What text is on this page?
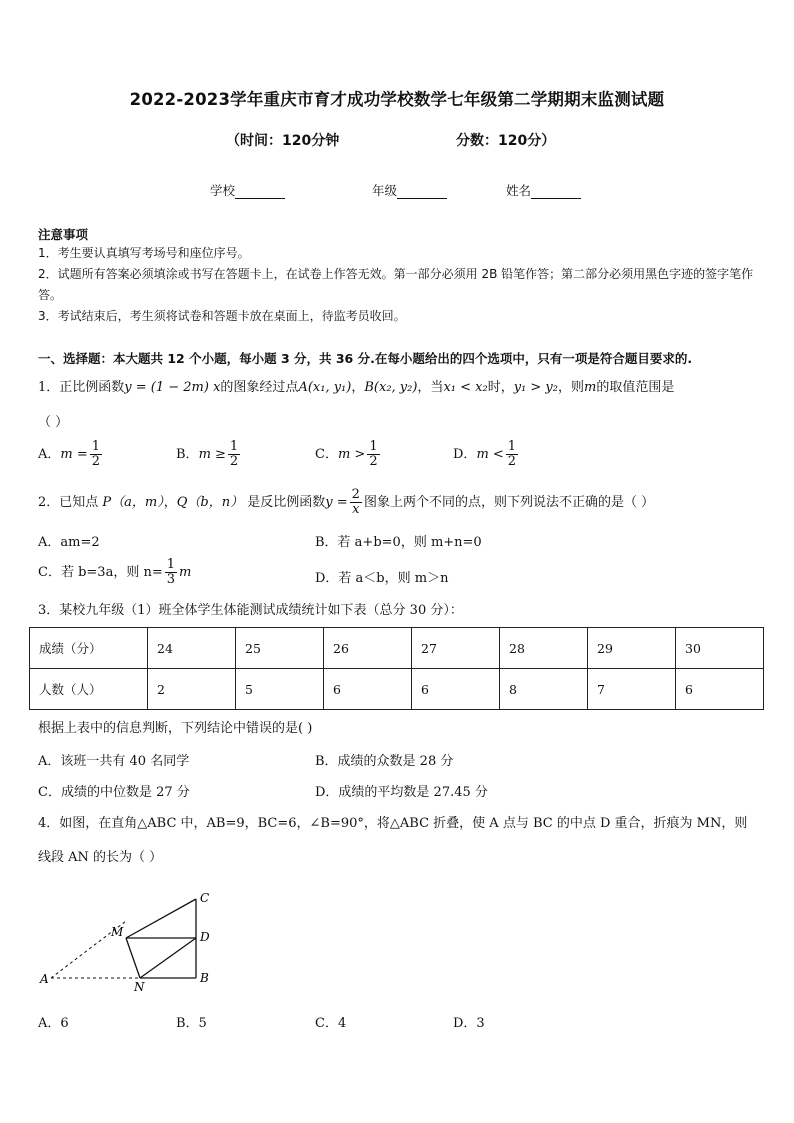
2022-2023学年重庆市育才成功学校数学七年级第二学期期末监测试题
（时间：120分钟	分数：120分）
学校	年级	姓名
注意事项
1．考生要认真填写考场号和座位序号。
2．试题所有答案必须填涂或书写在答题卡上，在试卷上作答无效。第一部分必须用 2B 铅笔作答；第二部分必须用黑色字迹的签字笔作答。
3．考试结束后，考生须将试卷和答题卡放在桌面上，待监考员收回。
一、选择题：本大题共 12 个小题，每小题 3 分，共 36 分.在每小题给出的四个选项中，只有一项是符合题目要求的.
1．正比例函数y = (1 − 2m) x的图象经过点A(x₁, y₁)，B(x₂, y₂)，当x₁ < x₂时，y₁ > y₂，则m的取值范围是
（ ）
A．$m = \frac{1}{2}$	B．$m \ge \frac{1}{2}$	C．$m > \frac{1}{2}$	D．$m < \frac{1}{2}$
2．已知点 P（a，m），Q（b，n） 是反比例函数$y = \frac{2}{x}$ 图象上两个不同的点，则下列说法不正确的是（ ）
A．am=2	B．若 a+b=0，则 m+n=0
C．若 b=3a，则 $n= \frac{1}{3}$ m	D．若 a＜b，则 m＞n
3．某校九年级（1）班全体学生体能测试成绩统计如下表（总分 30 分）：
成绩（分）	24	25	26	27	28	29	30
人数（人）	2	5	6	6	8	7	6
根据上表中的信息判断，下列结论中错误的是( )
A．该班一共有 40 名同学	B．成绩的众数是 28 分
C．成绩的中位数是 27 分	D．成绩的平均数是 27.45 分
4．如图，在直角△ABC 中，AB=9，BC=6，∠B=90°，将△ABC 折叠，使 A 点与 BC 的中点 D 重合，折痕为 MN，则
线段 AN 的长为（ ）
A	B
C
D
M
N
A．6	B．5	C．4	D．3
